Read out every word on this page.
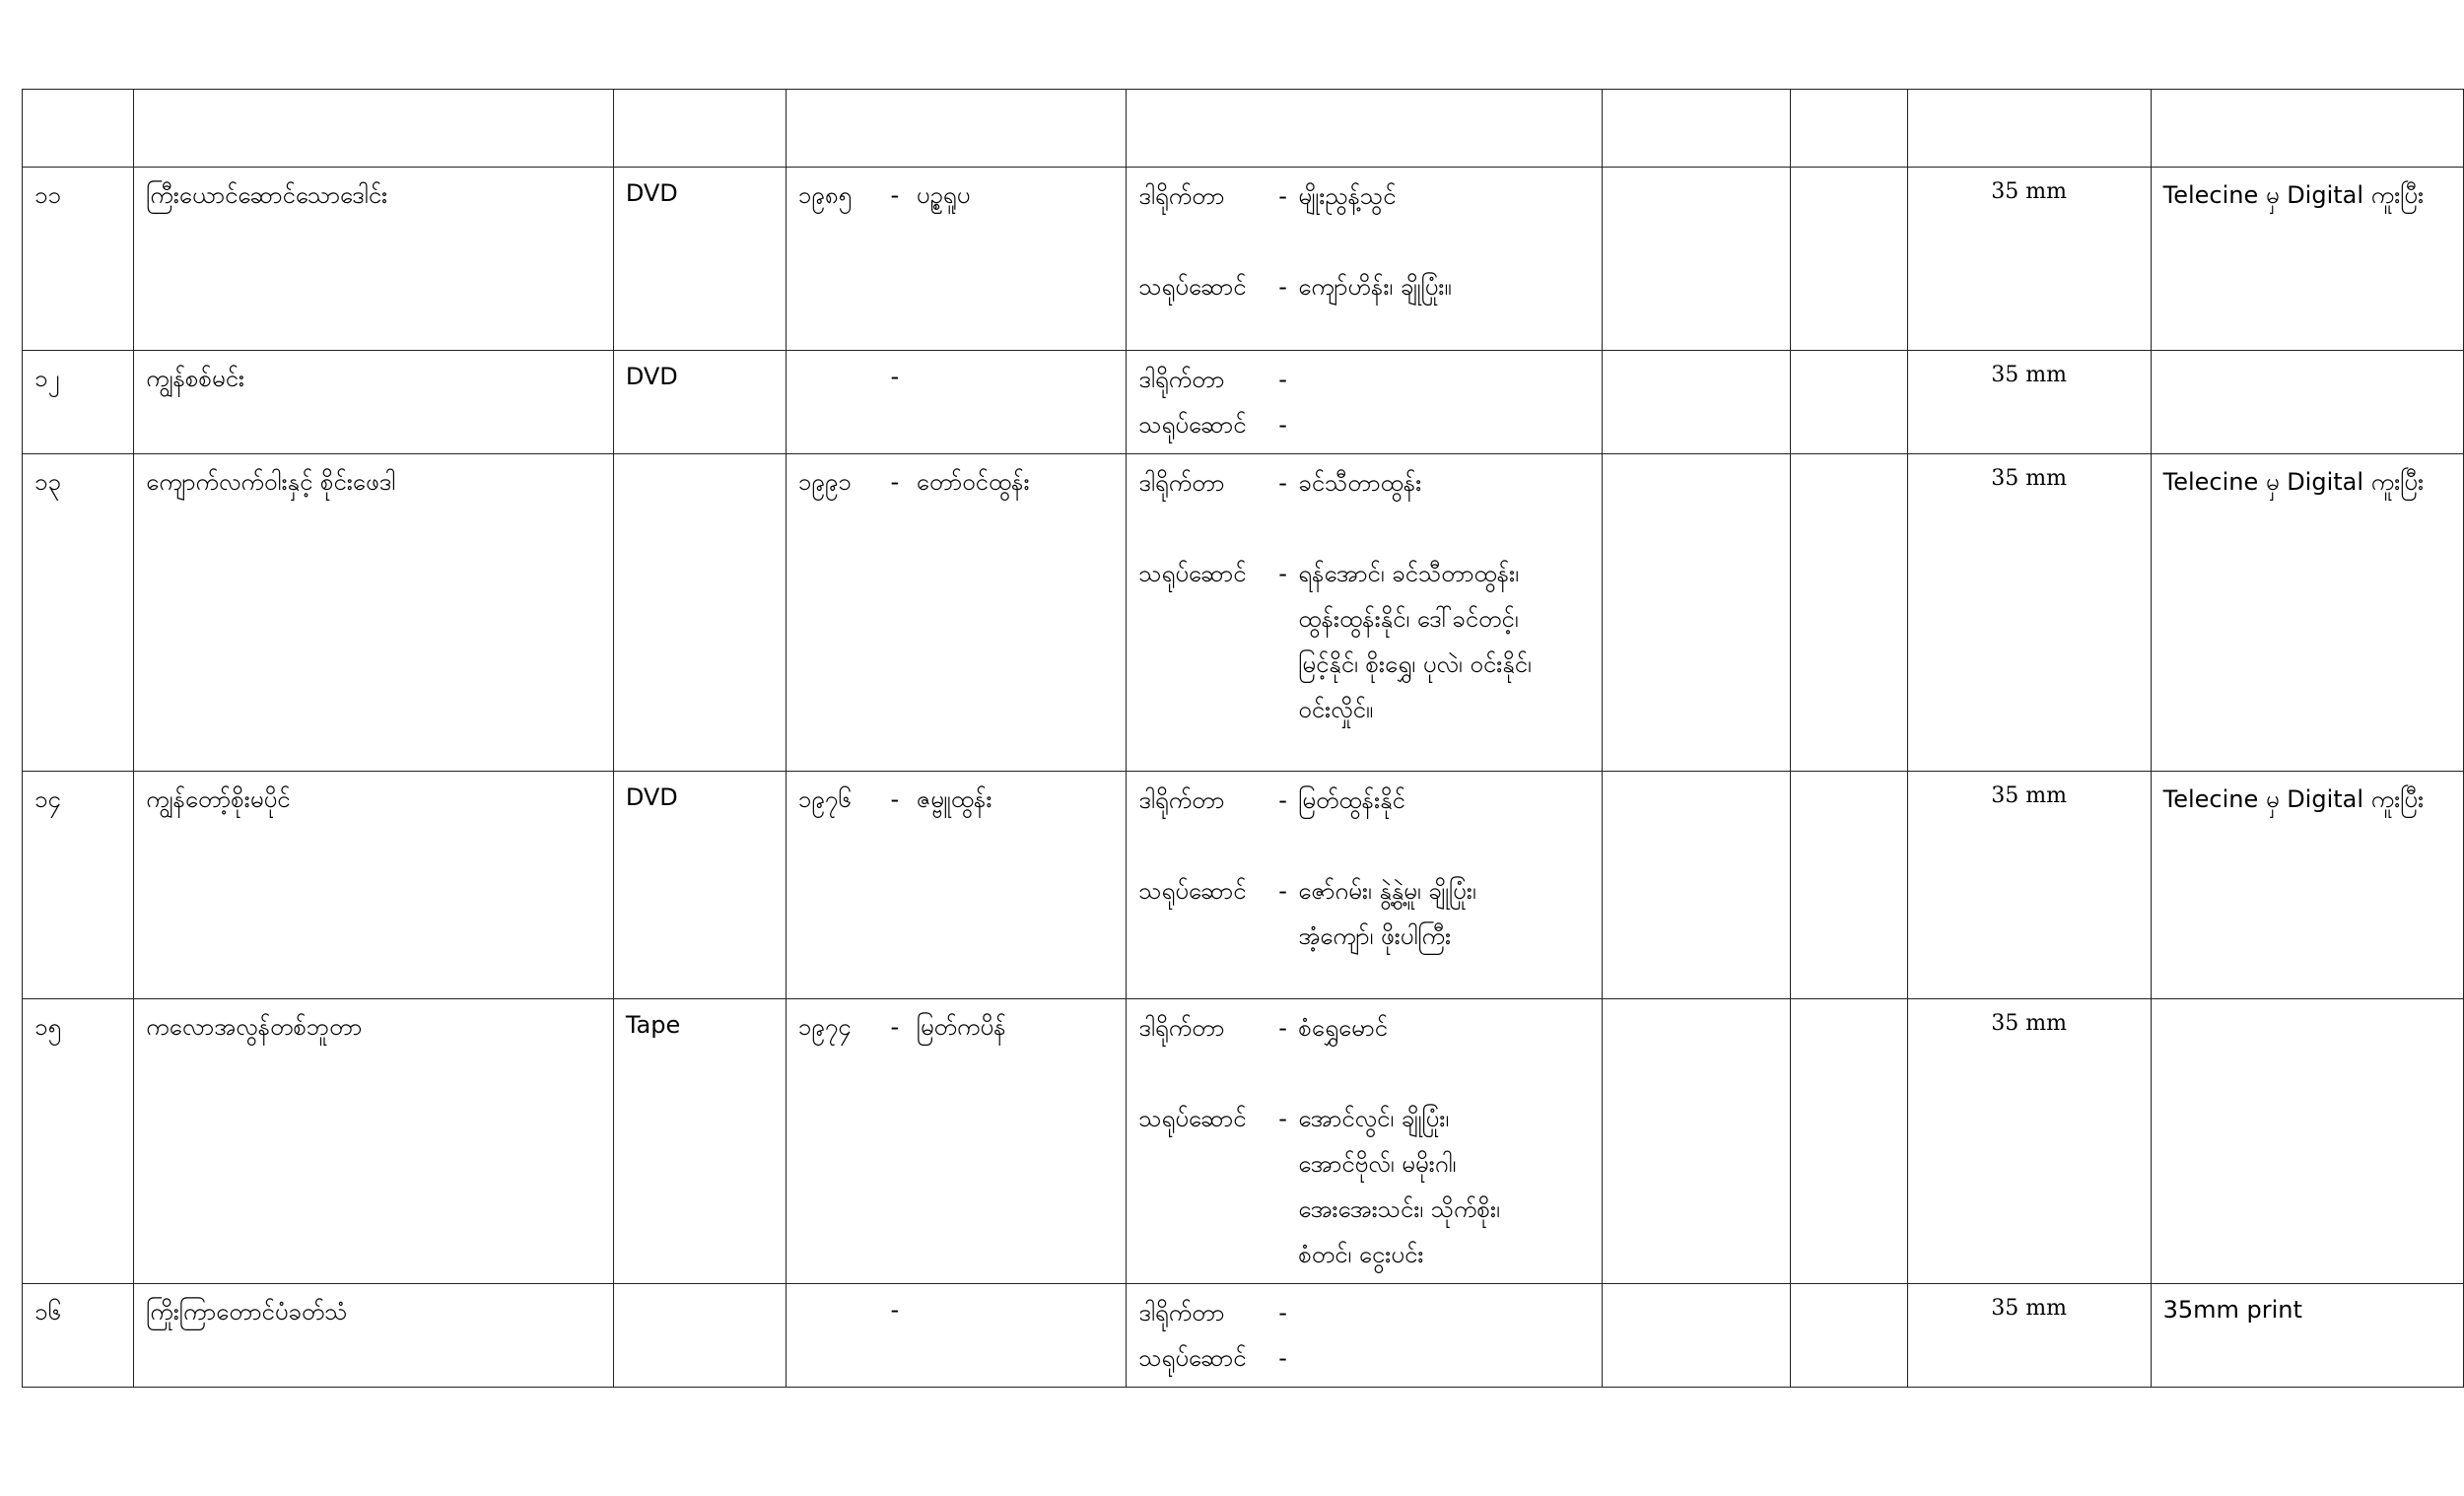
၁၁	ကြီးယောင်ဆောင်သောဒေါင်း	DVD	၁၉၈၅ - ပဥ္စရူပ	ဒါရိုက်တာ - မျိုးညွန့်သွင်
သရုပ်ဆောင် - ကျော်ဟိန်း၊ ချိုပြုံး။			35 mm	Telecine မှ Digital ကူးပြီး
၁၂	ကျွန်စစ်မင်း	DVD	-	ဒါရိုက်တာ -
သရုပ်ဆောင် -			35 mm	
၁၃	ကျောက်လက်ဝါးနှင့် စိုင်းဖေဒါ		၁၉၉၁ - တော်ဝင်ထွန်း	ဒါရိုက်တာ - ခင်သီတာထွန်း
သရုပ်ဆောင် - ရန်အောင်၊ ခင်သီတာထွန်း၊
ထွန်းထွန်းနိုင်၊ ဒေါ်ခင်တင့်၊
မြင့်နိုင်၊ စိုးရွှေ၊ ပုလဲ၊ ဝင်းနိုင်၊
ဝင်းလှိုင်။			35 mm	Telecine မှ Digital ကူးပြီး
၁၄	ကျွန်တော့်စိုးမပိုင်	DVD	၁၉၇၆ - ဇမ္ဗူထွန်း	ဒါရိုက်တာ - မြတ်ထွန်းနိုင်
သရုပ်ဆောင် - ဇော်ဂမ်း၊ နွဲ့နွဲ့မူ၊ ချိုပြုံး၊
အံ့ကျော်၊ ဖိုးပါကြီး			35 mm	Telecine မှ Digital ကူးပြီး
၁၅	ကလောအလွန်တစ်ဘူတာ	Tape	၁၉၇၄ - မြတ်ကပိန်	ဒါရိုက်တာ - စံရွှေမောင်
သရုပ်ဆောင် - အောင်လွင်၊ ချိုပြုံး၊
အောင်ဗိုလ်၊ မမိုးဂါ၊
အေးအေးသင်း၊ သိုက်စိုး၊
စံတင်၊ ငွေးပင်း			35 mm	
၁၆	ကြိုးကြာတောင်ပံခတ်သံ		-	ဒါရိုက်တာ -
သရုပ်ဆောင် -			35 mm	35mm print
